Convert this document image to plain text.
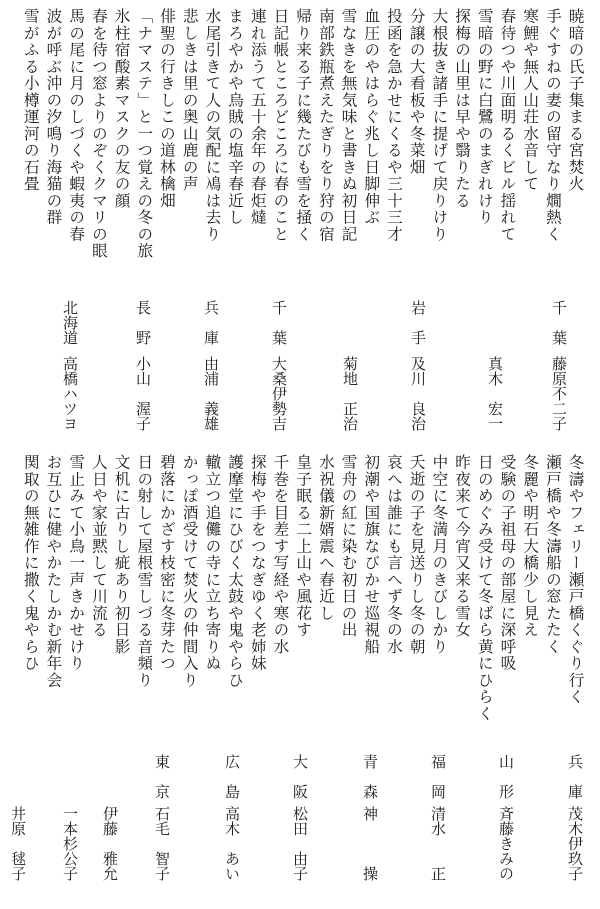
暁暗の氏子集まる宮焚火
手ぐすねの妻の留守なり燗熱く
寒鯉や無人山荘水音して
春待つや川面明るくビル揺れて
雪暗の野に白鷺のまぎれけり
探梅の山里は早や翳りたる
大根抜き諸手に提げて戻りけり
分譲の大看板や冬菜畑
投函を急かせにくるや三十三才
血圧のやはらぐ兆し日脚伸ぶ
雪なきを無気味と書きぬ初日記
南部鉄瓶煮えたぎりをり狩の宿
帰り来る子に幾たびも雪を掻く
日記帳ところどころに春のこと
連れ添うて五十余年の春炬燵
まろやかや烏賊の塩辛春近し
水尾引きて人の気配に鳰は去り
悲しきは里の奥山鹿の声
俳聖の行きしこの道林檎畑
「ナマステ」と一つ覚えの冬の旅
氷柱宿酸素マスクの友の顔
春を待つ窓よりのぞくクマリの眼
馬の尾に月のしづくや蝦夷の春
波が呼ぶ沖の汐鳴り海猫の群
雪がふる小樽運河の石畳
千　葉
藤原不二子
真木　宏一
岩　手
及川　良治
菊地　正治
千　葉
大桑伊勢吉
兵　庫
由浦　義雄
長　野
小山　渥子
北海道
高橋ハツヨ
冬濤やフェリー瀬戸橋くぐり行く
瀬戸橋や冬濤船の窓たたく
冬麗や明石大橋少し見え
受験の子祖母の部屋に深呼吸
日のめぐみ受けて冬ばら黄にひらく
昨夜来て今宵又来る雪女
中空に冬満月のきびしかり
夭逝の子を見送りし冬の朝
哀へは誰にも言へず冬の水
初潮や国旗なびかせ巡視船
雪舟の紅に染む初日の出
水祝儀新婿震へ春近し
皇子眠る二上山や風花す
千巻を目差す写経や寒の水
探梅や手をつなぎゆく老姉妹
護摩堂にひびく太鼓や鬼やらひ
轍立つ追儺の寺に立ち寄りぬ
かっぽ酒受けて焚火の仲間入り
碧落にかざす枝密に冬芽たつ
日の射して屋根雪しづる音頻り
文机に古りし疵あり初日影
人日や家並黙して川流る
雪止みて小鳥一声きかせけり
お互ひに健やかたしかむ新年会
関取の無雑作に撒く鬼やらひ
兵　庫
茂木伊玖子
山　形
斉藤きみの
福　岡
清水　　正
青　森
神　　　操
大　阪
松田　由子
広　島
高木　あい
東　京
石毛　智子
伊藤　雅允
一本杉公子
井原　毬子
